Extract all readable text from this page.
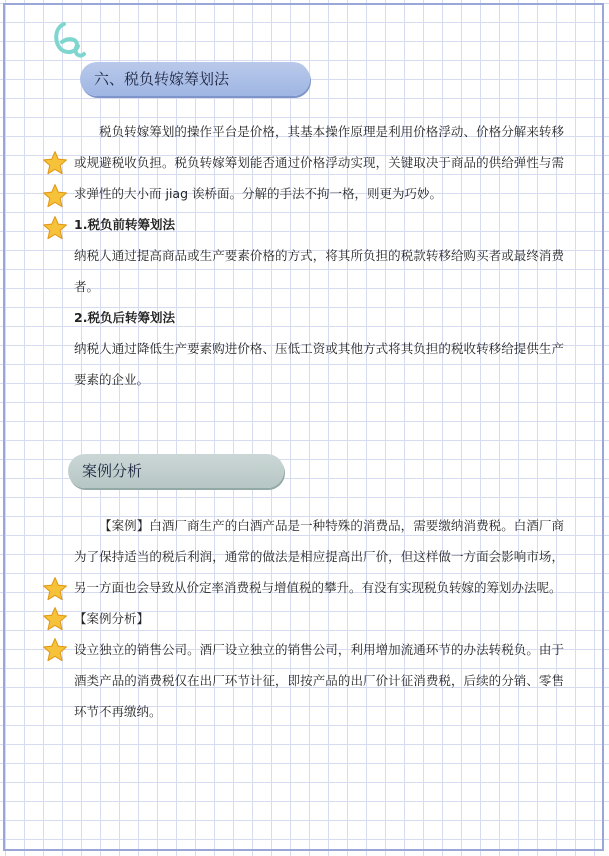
六、税负转嫁筹划法

税负转嫁筹划的操作平台是价格，其基本操作原理是利用价格浮动、价格分解来转移或规避税收负担。税负转嫁筹划能否通过价格浮动实现，关键取决于商品的供给弹性与需求弹性的大小而 jiag 诶桥面。分解的手法不拘一格，则更为巧妙。

1.税负前转筹划法

纳税人通过提高商品或生产要素价格的方式，将其所负担的税款转移给购买者或最终消费者。

2.税负后转筹划法

纳税人通过降低生产要素购进价格、压低工资或其他方式将其负担的税收转移给提供生产要素的企业。

案例分析

【案例】白酒厂商生产的白酒产品是一种特殊的消费品，需要缴纳消费税。白酒厂商为了保持适当的税后利润，通常的做法是相应提高出厂价，但这样做一方面会影响市场，另一方面也会导致从价定率消费税与增值税的攀升。有没有实现税负转嫁的筹划办法呢。

【案例分析】

设立独立的销售公司。酒厂设立独立的销售公司，利用增加流通环节的办法转税负。由于酒类产品的消费税仅在出厂环节计征，即按产品的出厂价计征消费税，后续的分销、零售环节不再缴纳。
